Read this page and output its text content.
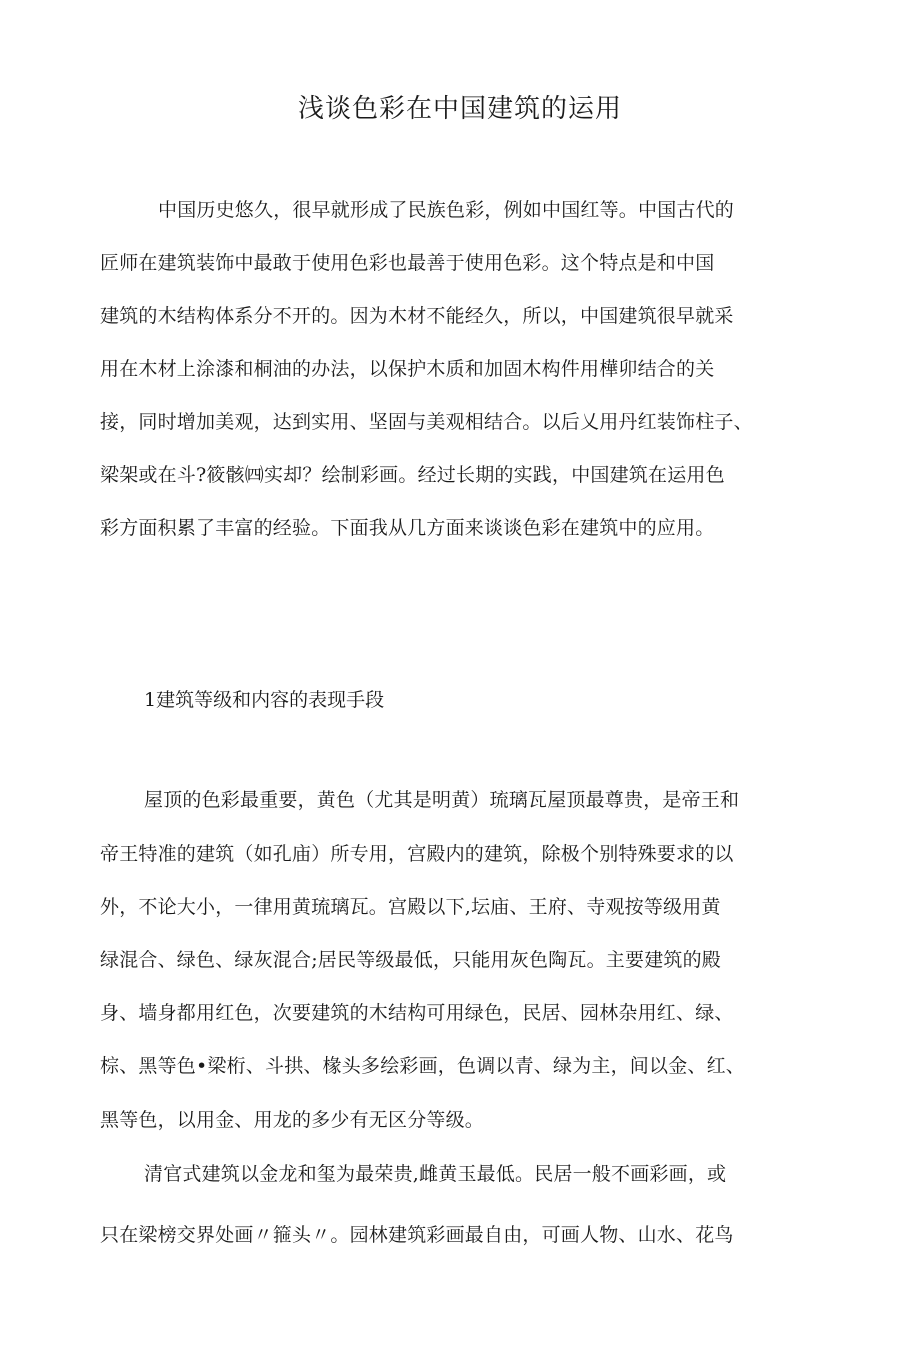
浅谈色彩在中国建筑的运用
中国历史悠久，很早就形成了民族色彩，例如中国红等。中国古代的
匠师在建筑装饰中最敢于使用色彩也最善于使用色彩。这个特点是和中国
建筑的木结构体系分不开的。因为木材不能经久，所以，中国建筑很早就采
用在木材上涂漆和桐油的办法，以保护木质和加固木构件用樺卯结合的关
接，同时增加美观，达到实用、坚固与美观相结合。以后乂用丹红装饰柱子、
梁架或在斗?筱骸㈣实却？绘制彩画。经过长期的实践，中国建筑在运用色
彩方面积累了丰富的经验。下面我从几方面来谈谈色彩在建筑中的应用。
1建筑等级和内容的表现手段
屋顶的色彩最重要，黄色（尤其是明黄）琉璃瓦屋顶最尊贵，是帝王和
帝王特准的建筑（如孔庙）所专用，宫殿内的建筑，除极个别特殊要求的以
外，不论大小，一律用黄琉璃瓦。宫殿以下,坛庙、王府、寺观按等级用黄
绿混合、绿色、绿灰混合;居民等级最低，只能用灰色陶瓦。主要建筑的殿
身、墙身都用红色，次要建筑的木结构可用绿色，民居、园林杂用红、绿、
棕、黑等色•梁桁、斗拱、椽头多绘彩画，色调以青、绿为主，间以金、红、
黑等色，以用金、用龙的多少有无区分等级。
清官式建筑以金龙和玺为最荣贵,雌黄玉最低。民居一般不画彩画，或
只在梁榜交界处画〃箍头〃。园林建筑彩画最自由，可画人物、山水、花鸟
